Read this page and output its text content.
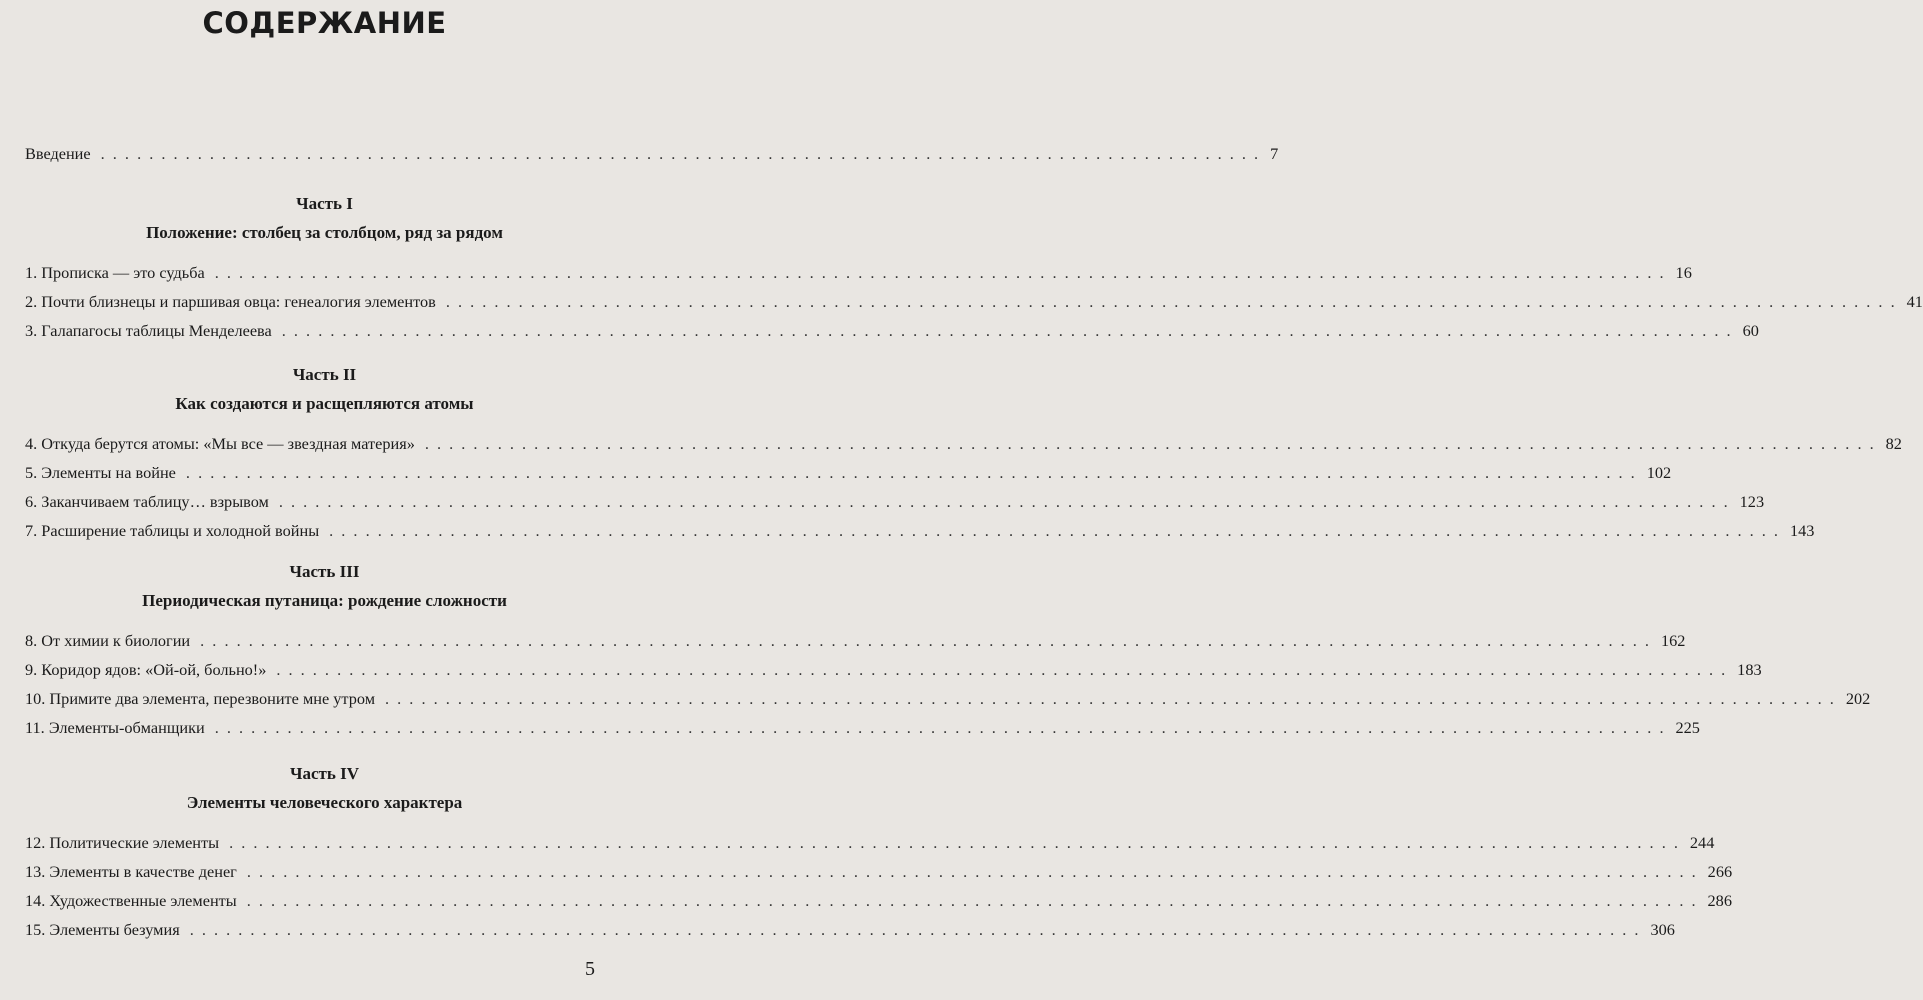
СОДЕРЖАНИЕ
Введение . . . . . . . . . . . . . . . . . . . . . . . . . . . . . . . . . . . . . . . . . . . . . . . . . . . . . . . . . . . . . . . . . . . . . . . . . . . . . . . . . . . . . . . . . . . . . . . . 7
Часть I
Положение: столбец за столбцом, ряд за рядом
1. Прописка — это судьба . . . . . . . . . . . . . . . . . . . . . . . . . . . . . . . . . . . . . . . . . . . . . . . . . . . . . . . . . . . . . . . . . . . . . . . . . . . . . . . . . . . . . . . . . . . . . . . . . . . . . . . . . . . . . . . . . . . . . . . . 16
2. Почти близнецы и паршивая овца: генеалогия элементов . . . . . . . . . . . . . . . . . . . . . . . . . . . . . . . . . . . . . . . . . . . . . . . . . . . . . . . . . . . . . . . . . . . . . . . . . . . . . . . . . . . . . . . . . . . . . . . . . . . . . . . . . . . . . . . . . . . . . . . . 41
3. Галапагосы таблицы Менделеева . . . . . . . . . . . . . . . . . . . . . . . . . . . . . . . . . . . . . . . . . . . . . . . . . . . . . . . . . . . . . . . . . . . . . . . . . . . . . . . . . . . . . . . . . . . . . . . . . . . . . . . . . . . . . . . . . . . . . . . . 60
Часть II
Как создаются и расщепляются атомы
4. Откуда берутся атомы: «Мы все — звездная материя» . . . . . . . . . . . . . . . . . . . . . . . . . . . . . . . . . . . . . . . . . . . . . . . . . . . . . . . . . . . . . . . . . . . . . . . . . . . . . . . . . . . . . . . . . . . . . . . . . . . . . . . . . . . . . . . . . . . . . . . . 82
5. Элементы на войне . . . . . . . . . . . . . . . . . . . . . . . . . . . . . . . . . . . . . . . . . . . . . . . . . . . . . . . . . . . . . . . . . . . . . . . . . . . . . . . . . . . . . . . . . . . . . . . . . . . . . . . . . . . . . . . . . . . . . . . . 102
6. Заканчиваем таблицу… взрывом . . . . . . . . . . . . . . . . . . . . . . . . . . . . . . . . . . . . . . . . . . . . . . . . . . . . . . . . . . . . . . . . . . . . . . . . . . . . . . . . . . . . . . . . . . . . . . . . . . . . . . . . . . . . . . . . . . . . . . . . 123
7. Расширение таблицы и холодной войны . . . . . . . . . . . . . . . . . . . . . . . . . . . . . . . . . . . . . . . . . . . . . . . . . . . . . . . . . . . . . . . . . . . . . . . . . . . . . . . . . . . . . . . . . . . . . . . . . . . . . . . . . . . . . . . . . . . . . . . . 143
Часть III
Периодическая путаница: рождение сложности
8. От химии к биологии . . . . . . . . . . . . . . . . . . . . . . . . . . . . . . . . . . . . . . . . . . . . . . . . . . . . . . . . . . . . . . . . . . . . . . . . . . . . . . . . . . . . . . . . . . . . . . . . . . . . . . . . . . . . . . . . . . . . . . . . 162
9. Коридор ядов: «Ой-ой, больно!» . . . . . . . . . . . . . . . . . . . . . . . . . . . . . . . . . . . . . . . . . . . . . . . . . . . . . . . . . . . . . . . . . . . . . . . . . . . . . . . . . . . . . . . . . . . . . . . . . . . . . . . . . . . . . . . . . . . . . . . . 183
10. Примите два элемента, перезвоните мне утром . . . . . . . . . . . . . . . . . . . . . . . . . . . . . . . . . . . . . . . . . . . . . . . . . . . . . . . . . . . . . . . . . . . . . . . . . . . . . . . . . . . . . . . . . . . . . . . . . . . . . . . . . . . . . . . . . . . . . . . . 202
11. Элементы-обманщики . . . . . . . . . . . . . . . . . . . . . . . . . . . . . . . . . . . . . . . . . . . . . . . . . . . . . . . . . . . . . . . . . . . . . . . . . . . . . . . . . . . . . . . . . . . . . . . . . . . . . . . . . . . . . . . . . . . . . . . . 225
Часть IV
Элементы человеческого характера
12. Политические элементы . . . . . . . . . . . . . . . . . . . . . . . . . . . . . . . . . . . . . . . . . . . . . . . . . . . . . . . . . . . . . . . . . . . . . . . . . . . . . . . . . . . . . . . . . . . . . . . . . . . . . . . . . . . . . . . . . . . . . . . . 244
13. Элементы в качестве денег . . . . . . . . . . . . . . . . . . . . . . . . . . . . . . . . . . . . . . . . . . . . . . . . . . . . . . . . . . . . . . . . . . . . . . . . . . . . . . . . . . . . . . . . . . . . . . . . . . . . . . . . . . . . . . . . . . . . . . . . 266
14. Художественные элементы . . . . . . . . . . . . . . . . . . . . . . . . . . . . . . . . . . . . . . . . . . . . . . . . . . . . . . . . . . . . . . . . . . . . . . . . . . . . . . . . . . . . . . . . . . . . . . . . . . . . . . . . . . . . . . . . . . . . . . . . 286
15. Элементы безумия . . . . . . . . . . . . . . . . . . . . . . . . . . . . . . . . . . . . . . . . . . . . . . . . . . . . . . . . . . . . . . . . . . . . . . . . . . . . . . . . . . . . . . . . . . . . . . . . . . . . . . . . . . . . . . . . . . . . . . . . 306
5
